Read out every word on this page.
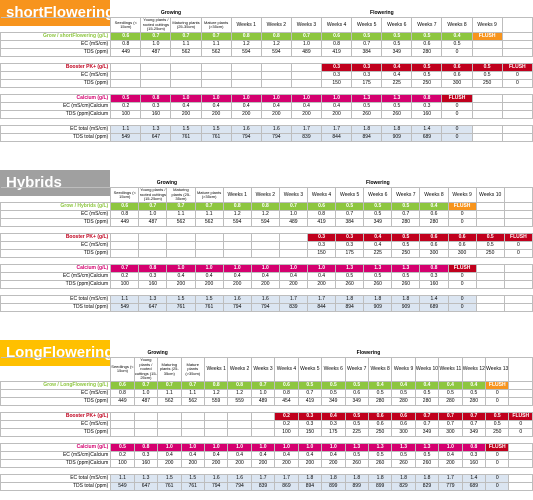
shortFlowering
		Growing				Flowering									
	Seedlings (< 15cm)	Young plants / rooted cuttings (15-25cm)	Maturing plants (25-35cm)	Mature plants (>35cm)	Weeks 1	Weeks 2	Weeks 3	Weeks 4	Weeks 5	Weeks 6	Weeks 7	Weeks 8	Weeks 9	
Grow / shortFlowering (g/L)	0.6	0.7	0.7	0.7	0.8	0.8	0.7	0.6	0.5	0.5	0.5	0.4	FLUSH	
EC (mS/cm)	0.8	1.0	1.1	1.1	1.2	1.2	1.0	0.8	0.7	0.5	0.6	0.5		
TDS (ppm)	449	487	562	562	594	594	489	419	384	349	280	0		

Booster PK+ (g/L)								0.3	0.3	0.4	0.5	0.6	0.5	FLUSH
EC (mS/cm)								0.3	0.3	0.4	0.5	0.6	0.5	0
TDS (ppm)								150	175	225	250	300	250	0

Calcium (g/L)	0.5	0.8	1.0	1.0	1.0	1.0	1.0	1.0	1.3	1.3	0.8	FLUSH		
EC (mS/cm)Calcium	0.2	0.3	0.4	0.4	0.4	0.4	0.4	0.4	0.5	0.5	0.3	0		
TDS (ppm)Calcium	100	160	200	200	200	200	200	200	260	260	160	0		

EC total (mS/cm)	1.1	1.3	1.5	1.5	1.6	1.6	1.7	1.7	1.8	1.8	1.4	0		
TDS total (ppm)	549	647	761	761	794	794	839	844	894	909	689	0		
Hybrids
		Growing				Flowering										
	Seedlings (< 15cm)	Young plants / rooted cuttings (15-25cm)	Maturing plants (25-35cm)	Mature plants (>35cm)	Weeks 1	Weeks 2	Weeks 3	Weeks 4	Weeks 5	Weeks 6	Weeks 7	Weeks 8	Weeks 9	Weeks 10	
Grow / Hybrids (g/L)	0.6	0.7	0.7	0.7	0.8	0.8	0.7	0.6	0.5	0.5	0.5	0.4	FLUSH		
EC (mS/cm)	0.8	1.0	1.1	1.1	1.2	1.2	1.0	0.8	0.7	0.5	0.7	0.6	0		
TDS (ppm)	449	487	562	562	594	594	489	419	384	349	280	280	0		

Booster PK+ (g/L)								0.3	0.3	0.4	0.5	0.6	0.6	0.5	FLUSH
EC (mS/cm)								0.3	0.3	0.4	0.5	0.6	0.6	0.5	0
TDS (ppm)								150	175	225	250	300	300	250	0

Calcium (g/L)	0.7	0.8	1.0	1.0	1.0	1.0	1.0	1.0	1.3	1.3	1.3	0.8	FLUSH		
EC (mS/cm)Calcium	0.2	0.3	0.4	0.4	0.4	0.4	0.4	0.4	0.5	0.5	0.5	0.3	0		
TDS (ppm)Calcium	100	160	200	200	200	200	200	200	260	260	260	160	0		

EC total (mS/cm)	1.1	1.3	1.5	1.5	1.6	1.6	1.7	1.7	1.8	1.8	1.8	1.4	0		
TDS total (ppm)	549	647	761	761	794	794	839	844	894	909	909	689	0		
LongFlowering
		Growing				Flowering													
	Seedlings (< 15cm)	Young plants / rooted cuttings (15-25cm)	Maturing plants (25-35cm)	Mature plants (>35cm)	Weeks 1	Weeks 2	Weeks 3	Weeks 4	Weeks 5	Weeks 6	Weeks 7	Weeks 8	Weeks 9	Weeks 10	Weeks 11	Weeks 12	Weeks 13	
Grow / LongFlowering (g/L)	0.6	0.7	0.7	0.7	0.8	0.8	0.7	0.6	0.5	0.5	0.5	0.4	0.4	0.4	0.4	0.4	FLUSH	
EC (mS/cm)	0.8	1.0	1.1	1.1	1.2	1.2	1.0	0.8	0.7	0.5	0.6	0.5	0.5	0.5	0.5	0.5	0	
TDS (ppm)	449	487	562	562	559	559	489	454	419	349	349	280	280	280	280	280	0	

Booster PK+ (g/L)								0.2	0.3	0.4	0.5	0.6	0.6	0.7	0.7	0.7	0.5	FLUSH
EC (mS/cm)								0.2	0.3	0.3	0.5	0.6	0.6	0.7	0.7	0.7	0.5	0
TDS (ppm)								100	150	175	225	250	300	349	300	349	250	0

Calcium (g/L)	0.5	0.8	1.0	1.0	1.0	1.0	1.0	1.0	1.0	1.0	1.3	1.3	1.3	1.3	1.0	0.8	FLUSH	
EC (mS/cm)Calcium	0.2	0.3	0.4	0.4	0.4	0.4	0.4	0.4	0.4	0.4	0.5	0.5	0.5	0.5	0.4	0.3	0	
TDS (ppm)Calcium	100	160	200	200	200	200	200	200	200	200	260	260	260	260	200	160	0	

EC total (mS/cm)	1.1	1.3	1.5	1.5	1.6	1.6	1.7	1.7	1.8	1.8	1.8	1.8	1.8	1.8	1.7	1.4	0	
TDS total (ppm)	549	647	761	761	794	794	839	869	894	899	899	899	829	829	779	689	0	
